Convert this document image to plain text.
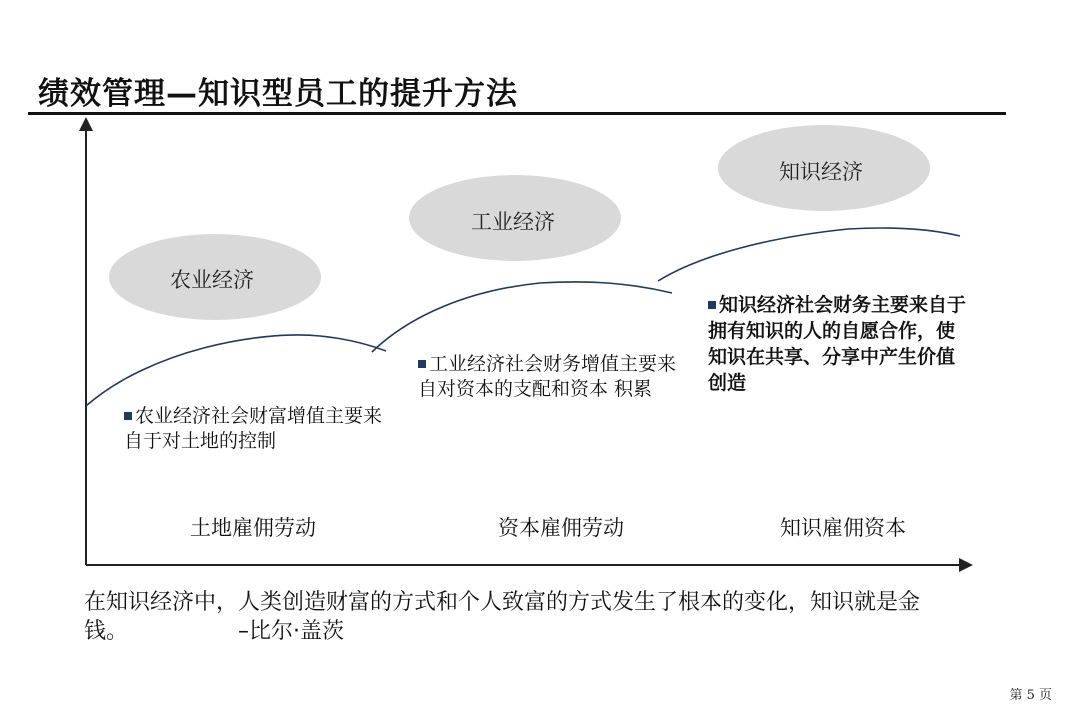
绩效管理—知识型员工的提升方法
农业经济
工业经济
知识经济
农业经济社会财富增值主要来自于对土地的控制
工业经济社会财务增值主要来自对资本的支配和资本 积累
知识经济社会财务主要来自于拥有知识的人的自愿合作，使知识在共享、分享中产生价值创造
土地雇佣劳动	资本雇佣劳动	知识雇佣资本
在知识经济中，人类创造财富的方式和个人致富的方式发生了根本的变化，知识就是金钱。	–比尔·盖茨
第 5 页
